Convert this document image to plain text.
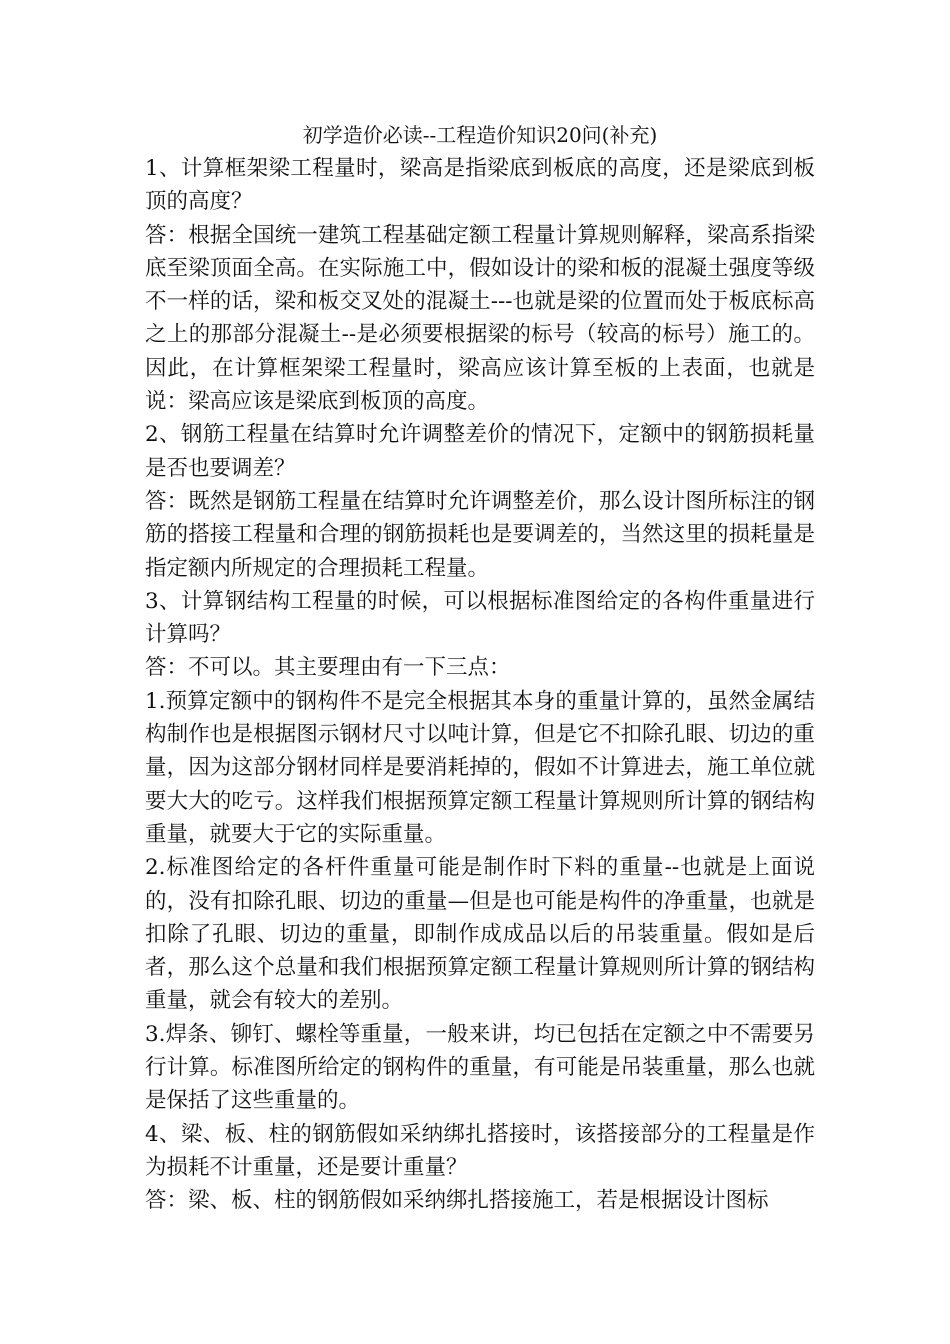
初学造价必读--工程造价知识20问(补充)

1、计算框架梁工程量时，梁高是指梁底到板底的高度，还是梁底到板顶的高度？

答：根据全国统一建筑工程基础定额工程量计算规则解释，梁高系指梁底至梁顶面全高。在实际施工中，假如设计的梁和板的混凝土强度等级不一样的话，梁和板交叉处的混凝土---也就是梁的位置而处于板底标高之上的那部分混凝土--是必须要根据梁的标号（较高的标号）施工的。因此，在计算框架梁工程量时，梁高应该计算至板的上表面，也就是说：梁高应该是梁底到板顶的高度。

2、钢筋工程量在结算时允许调整差价的情况下，定额中的钢筋损耗量是否也要调差？

答：既然是钢筋工程量在结算时允许调整差价，那么设计图所标注的钢筋的搭接工程量和合理的钢筋损耗也是要调差的，当然这里的损耗量是指定额内所规定的合理损耗工程量。

3、计算钢结构工程量的时候，可以根据标准图给定的各构件重量进行计算吗？

答：不可以。其主要理由有一下三点：

1.预算定额中的钢构件不是完全根据其本身的重量计算的，虽然金属结构制作也是根据图示钢材尺寸以吨计算，但是它不扣除孔眼、切边的重量，因为这部分钢材同样是要消耗掉的，假如不计算进去，施工单位就要大大的吃亏。这样我们根据预算定额工程量计算规则所计算的钢结构重量，就要大于它的实际重量。

2.标准图给定的各杆件重量可能是制作时下料的重量--也就是上面说的，没有扣除孔眼、切边的重量—但是也可能是构件的净重量，也就是扣除了孔眼、切边的重量，即制作成成品以后的吊装重量。假如是后者，那么这个总量和我们根据预算定额工程量计算规则所计算的钢结构重量，就会有较大的差别。

3.焊条、铆钉、螺栓等重量，一般来讲，均已包括在定额之中不需要另行计算。标准图所给定的钢构件的重量，有可能是吊装重量，那么也就是保括了这些重量的。

4、梁、板、柱的钢筋假如采纳绑扎搭接时，该搭接部分的工程量是作为损耗不计重量，还是要计重量？

答：梁、板、柱的钢筋假如采纳绑扎搭接施工，若是根据设计图标
